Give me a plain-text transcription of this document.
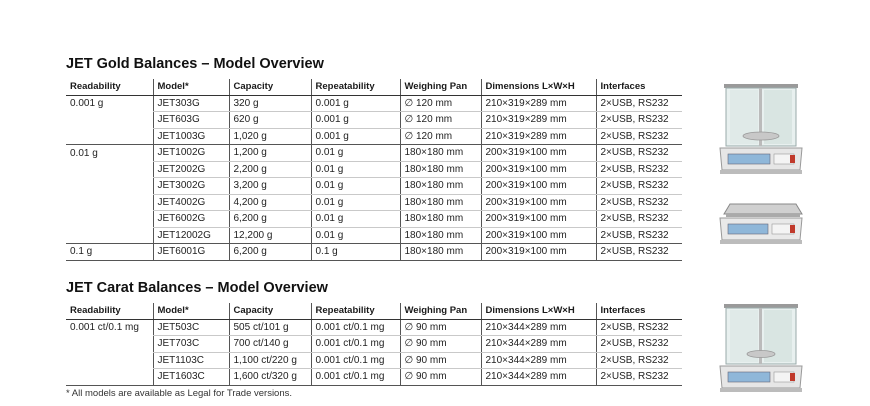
JET Gold Balances – Model Overview
Readability	Model*	Capacity	Repeatability	Weighing Pan	Dimensions L×W×H	Interfaces
0.001 g	JET303G	320 g	0.001 g	∅ 120 mm	210×319×289 mm	2×USB, RS232
	JET603G	620 g	0.001 g	∅ 120 mm	210×319×289 mm	2×USB, RS232
	JET1003G	1,020 g	0.001 g	∅ 120 mm	210×319×289 mm	2×USB, RS232
0.01 g	JET1002G	1,200 g	0.01 g	180×180 mm	200×319×100 mm	2×USB, RS232
	JET2002G	2,200 g	0.01 g	180×180 mm	200×319×100 mm	2×USB, RS232
	JET3002G	3,200 g	0.01 g	180×180 mm	200×319×100 mm	2×USB, RS232
	JET4002G	4,200 g	0.01 g	180×180 mm	200×319×100 mm	2×USB, RS232
	JET6002G	6,200 g	0.01 g	180×180 mm	200×319×100 mm	2×USB, RS232
	JET12002G	12,200 g	0.01 g	180×180 mm	200×319×100 mm	2×USB, RS232
0.1 g	JET6001G	6,200 g	0.1 g	180×180 mm	200×319×100 mm	2×USB, RS232
JET Carat Balances – Model Overview
Readability	Model*	Capacity	Repeatability	Weighing Pan	Dimensions L×W×H	Interfaces
0.001 ct/0.1 mg	JET503C	505 ct/101 g	0.001 ct/0.1 mg	∅ 90 mm	210×344×289 mm	2×USB, RS232
	JET703C	700 ct/140 g	0.001 ct/0.1 mg	∅ 90 mm	210×344×289 mm	2×USB, RS232
	JET1103C	1,100 ct/220 g	0.001 ct/0.1 mg	∅ 90 mm	210×344×289 mm	2×USB, RS232
	JET1603C	1,600 ct/320 g	0.001 ct/0.1 mg	∅ 90 mm	210×344×289 mm	2×USB, RS232
* All models are available as Legal for Trade versions.
